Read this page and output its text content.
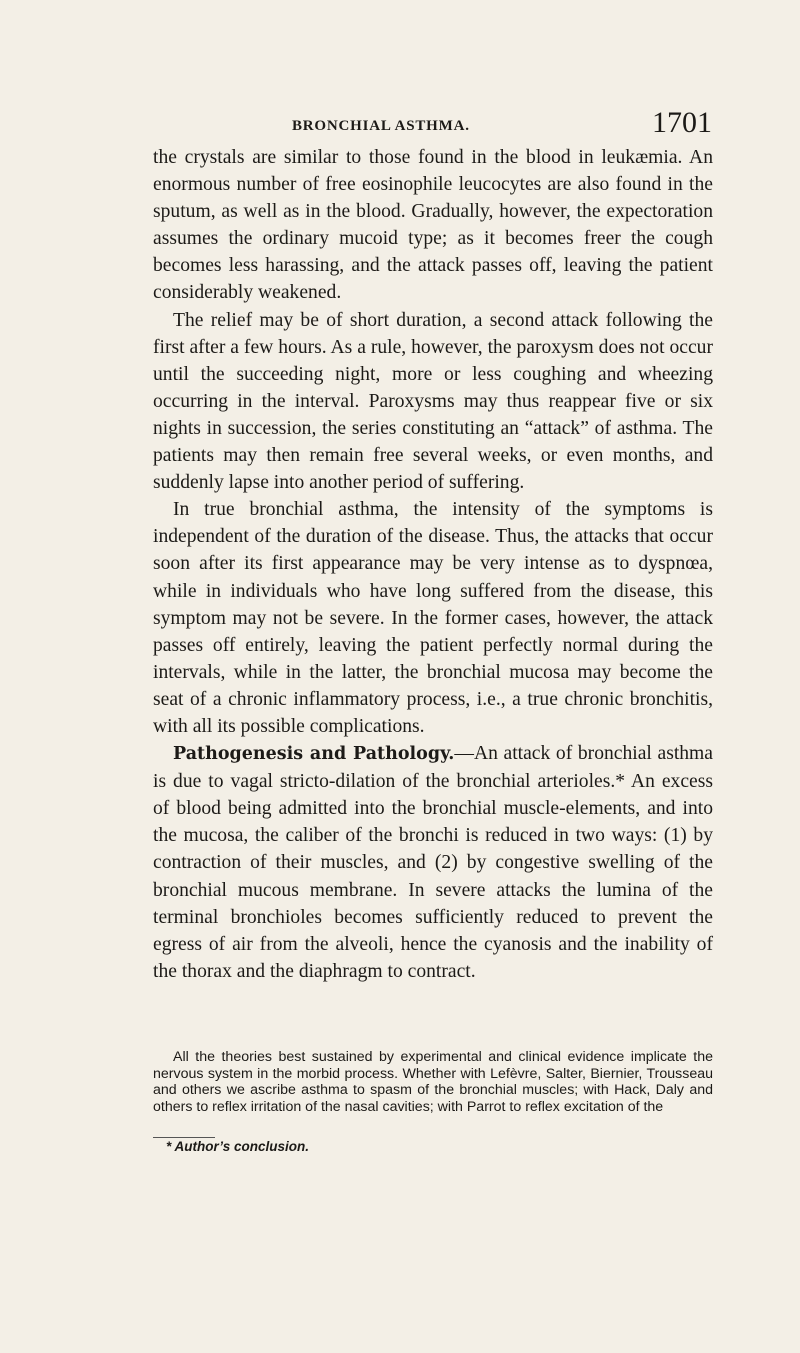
BRONCHIAL ASTHMA.	1701

the crystals are similar to those found in the blood in leukæmia. An enormous number of free eosinophile leucocytes are also found in the sputum, as well as in the blood. Gradually, however, the expectoration assumes the ordinary mucoid type; as it becomes freer the cough becomes less harassing, and the attack passes off, leaving the patient considerably weakened.

The relief may be of short duration, a second attack following the first after a few hours. As a rule, however, the paroxysm does not occur until the succeeding night, more or less coughing and wheezing occurring in the interval. Paroxysms may thus reappear five or six nights in succession, the series constituting an “attack” of asthma. The patients may then remain free several weeks, or even months, and suddenly lapse into another period of suffering.

In true bronchial asthma, the intensity of the symptoms is independent of the duration of the disease. Thus, the attacks that occur soon after its first appearance may be very intense as to dyspnœa, while in individuals who have long suffered from the disease, this symptom may not be severe. In the former cases, however, the attack passes off entirely, leaving the patient perfectly normal during the intervals, while in the latter, the bronchial mucosa may become the seat of a chronic inflammatory process, i.e., a true chronic bronchitis, with all its possible complications.

Pathogenesis and Pathology.—An attack of bronchial asthma is due to vagal stricto-dilation of the bronchial arterioles.* An excess of blood being admitted into the bronchial muscle-elements, and into the mucosa, the caliber of the bronchi is reduced in two ways: (1) by contraction of their muscles, and (2) by congestive swelling of the bronchial mucous membrane. In severe attacks the lumina of the terminal bronchioles becomes sufficiently reduced to prevent the egress of air from the alveoli, hence the cyanosis and the inability of the thorax and the diaphragm to contract.

All the theories best sustained by experimental and clinical evidence implicate the nervous system in the morbid process. Whether with Lefèvre, Salter, Biernier, Trousseau and others we ascribe asthma to spasm of the bronchial muscles; with Hack, Daly and others to reflex irritation of the nasal cavities; with Parrot to reflex excitation of the

* Author’s conclusion.
